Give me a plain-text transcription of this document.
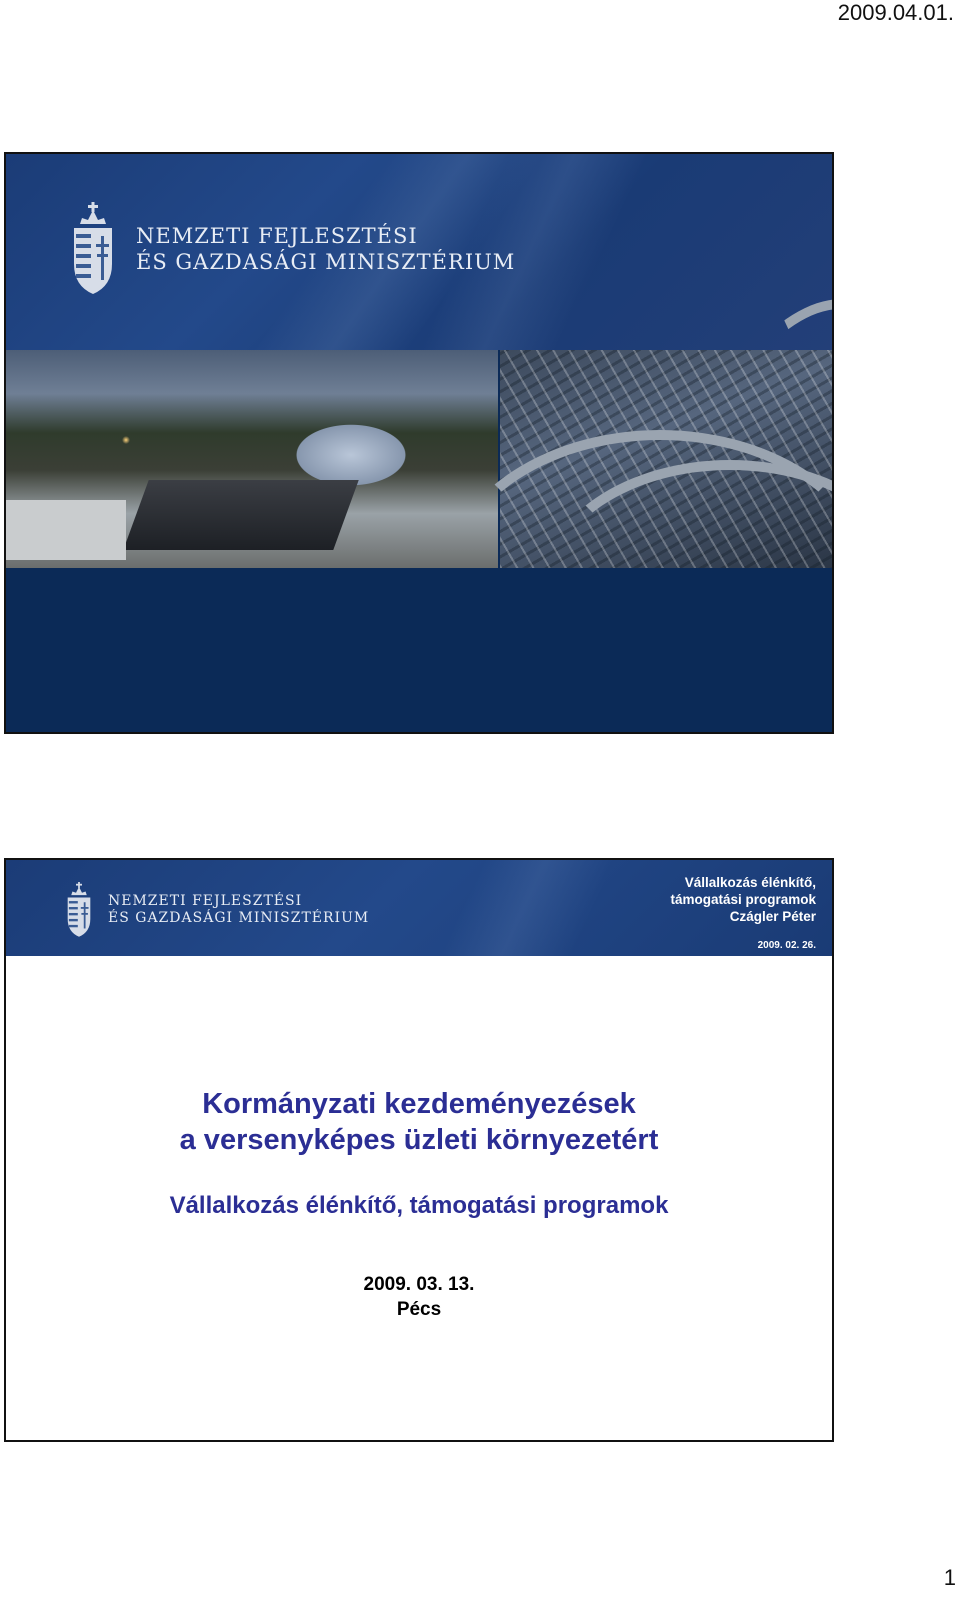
2009.04.01.
NEMZETI FEJLESZTÉSI
ÉS GAZDASÁGI MINISZTÉRIUM
NEMZETI FEJLESZTÉSI
ÉS GAZDASÁGI MINISZTÉRIUM
Vállalkozás élénkítő,
támogatási programok
Czágler Péter
2009. 02. 26.
Kormányzati kezdeményezések
a versenyképes üzleti környezetért
Vállalkozás élénkítő, támogatási programok
2009. 03. 13.
Pécs
1
